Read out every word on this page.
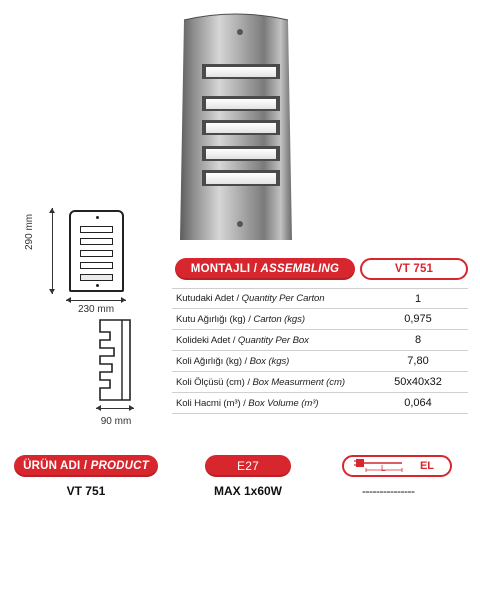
290 mm
230 mm
90 mm
MONTAJLI /
ASSEMBLING	VT 751
Kutudaki Adet / Quantity Per Carton	1
Kutu Ağırlığı (kg) / Carton (kgs)	0,975
Kolideki Adet / Quantity Per Box	8
Koli Ağırlığı (kg) / Box (kgs)	7,80
Koli Ölçüsü (cm) / Box Measurment (cm)	50x40x32
Koli Hacmi (m³) / Box Volume (m³)	0,064
ÜRÜN ADI /
PRODUCT	E27	L	EL
VT 751	MAX 1x60W	---------------
